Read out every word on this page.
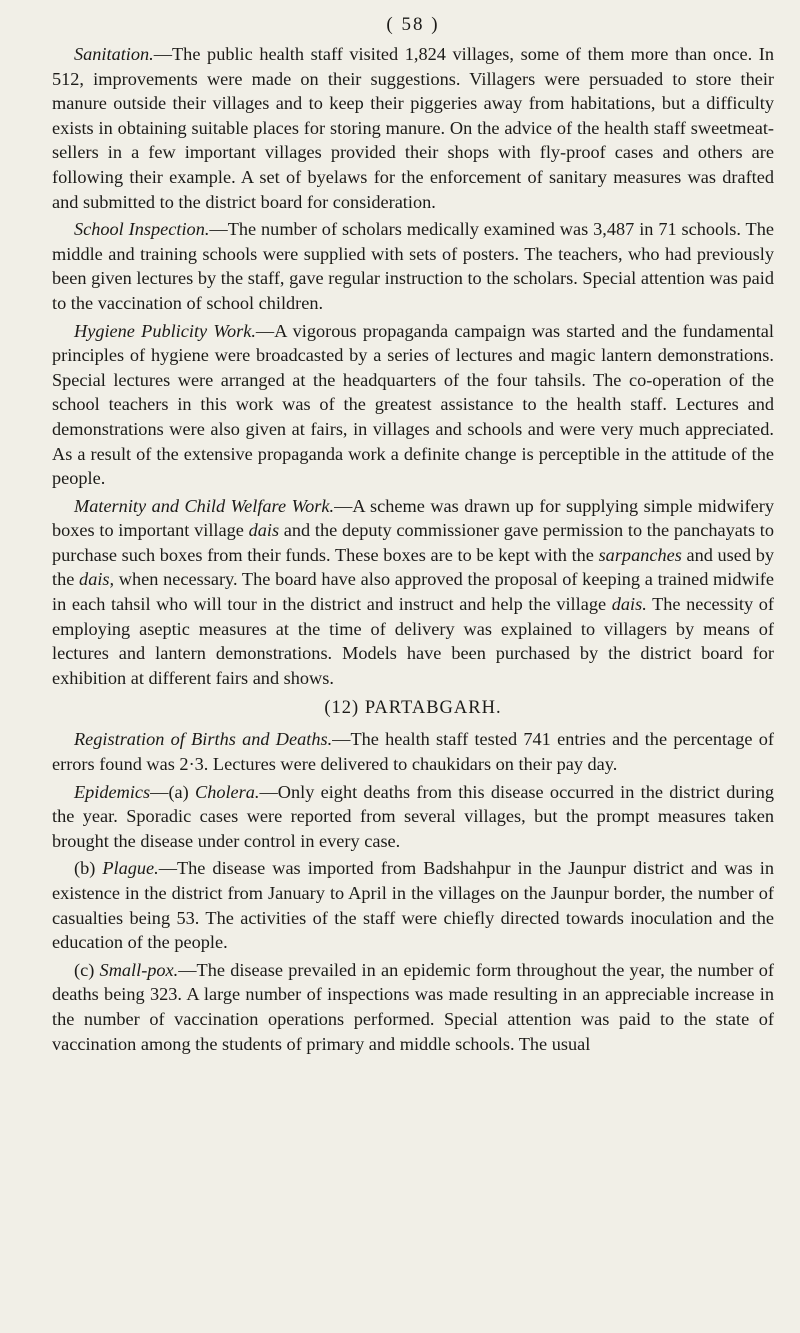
( 58 )

Sanitation.—The public health staff visited 1,824 villages, some of them more than once. In 512, improvements were made on their suggestions. Villagers were persuaded to store their manure outside their villages and to keep their piggeries away from habitations, but a difficulty exists in obtaining suitable places for storing manure. On the advice of the health staff sweetmeat-sellers in a few important villages provided their shops with fly-proof cases and others are following their example. A set of byelaws for the enforcement of sanitary measures was drafted and submitted to the district board for consideration.

School Inspection.—The number of scholars medically examined was 3,487 in 71 schools. The middle and training schools were supplied with sets of posters. The teachers, who had previously been given lectures by the staff, gave regular instruction to the scholars. Special attention was paid to the vaccination of school children.

Hygiene Publicity Work.—A vigorous propaganda campaign was started and the fundamental principles of hygiene were broadcasted by a series of lectures and magic lantern demonstrations. Special lectures were arranged at the headquarters of the four tahsils. The co-operation of the school teachers in this work was of the greatest assistance to the health staff. Lectures and demonstrations were also given at fairs, in villages and schools and were very much appreciated. As a result of the extensive propaganda work a definite change is perceptible in the attitude of the people.

Maternity and Child Welfare Work.—A scheme was drawn up for supplying simple midwifery boxes to important village dais and the deputy commissioner gave permission to the panchayats to purchase such boxes from their funds. These boxes are to be kept with the sarpanches and used by the dais, when necessary. The board have also approved the proposal of keeping a trained midwife in each tahsil who will tour in the district and instruct and help the village dais. The necessity of employing aseptic measures at the time of delivery was explained to villagers by means of lectures and lantern demonstrations. Models have been purchased by the district board for exhibition at different fairs and shows.

(12) PARTABGARH.

Registration of Births and Deaths.—The health staff tested 741 entries and the percentage of errors found was 2·3. Lectures were delivered to chaukidars on their pay day.

Epidemics—(a) Cholera.—Only eight deaths from this disease occurred in the district during the year. Sporadic cases were reported from several villages, but the prompt measures taken brought the disease under control in every case.

(b) Plague.—The disease was imported from Badshahpur in the Jaunpur district and was in existence in the district from January to April in the villages on the Jaunpur border, the number of casualties being 53. The activities of the staff were chiefly directed towards inoculation and the education of the people.

(c) Small-pox.—The disease prevailed in an epidemic form throughout the year, the number of deaths being 323. A large number of inspections was made resulting in an appreciable increase in the number of vaccination operations performed. Special attention was paid to the state of vaccination among the students of primary and middle schools. The usual
